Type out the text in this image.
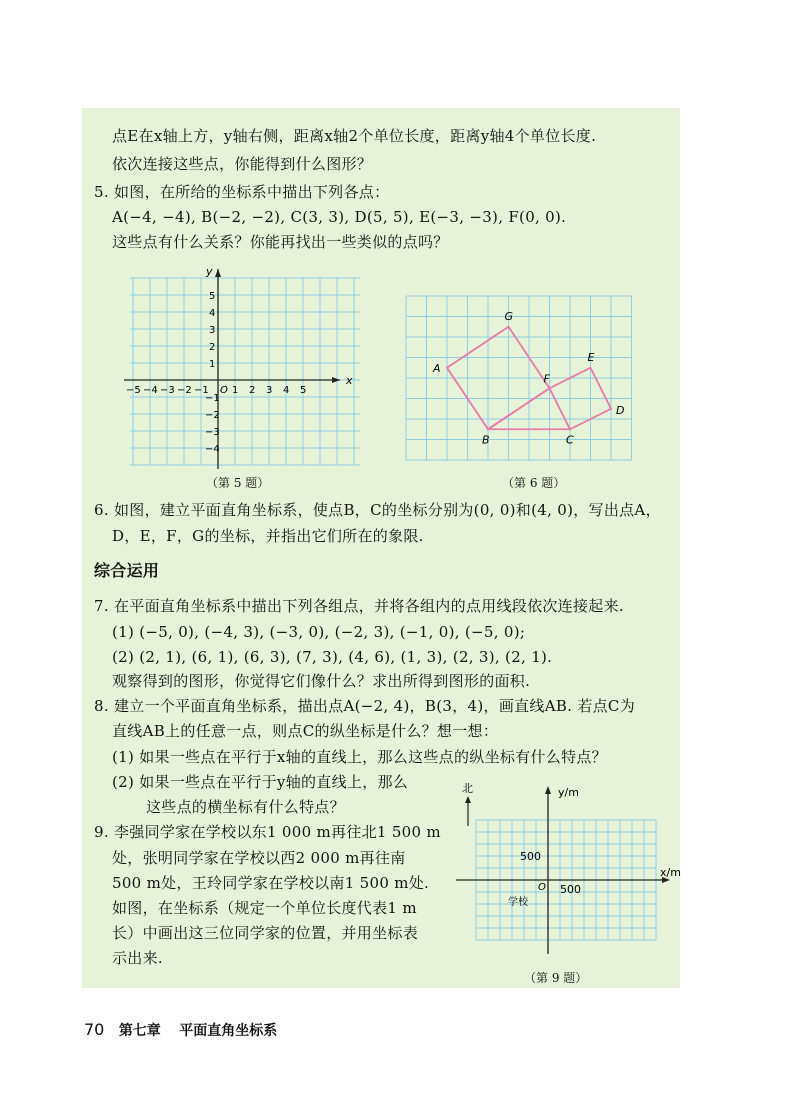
点E在x轴上方，y轴右侧，距离x轴2个单位长度，距离y轴4个单位长度.
依次连接这些点，你能得到什么图形？
5. 如图，在所给的坐标系中描出下列各点：
A(−4, −4), B(−2, −2), C(3, 3), D(5, 5), E(−3, −3), F(0, 0).
这些点有什么关系？你能再找出一些类似的点吗？
x
y
O
−5 −4 −3 −2 −1 1 2 3 4 5
5
4
3
2
1
−1
−2
−3
−4
（第 5 题）
A
G
E
F
D
B	C
（第 6 题）
6. 如图，建立平面直角坐标系，使点B，C的坐标分别为(0, 0)和(4, 0)，写出点A，
D，E，F，G的坐标，并指出它们所在的象限.
综合运用
7. 在平面直角坐标系中描出下列各组点，并将各组内的点用线段依次连接起来.
(1) (−5, 0), (−4, 3), (−3, 0), (−2, 3), (−1, 0), (−5, 0);
(2) (2, 1), (6, 1), (6, 3), (7, 3), (4, 6), (1, 3), (2, 3), (2, 1).
观察得到的图形，你觉得它们像什么？求出所得到图形的面积.
8. 建立一个平面直角坐标系，描出点A(−2, 4)，B(3，4)，画直线AB. 若点C为
直线AB上的任意一点，则点C的纵坐标是什么？想一想：
(1) 如果一些点在平行于x轴的直线上，那么这些点的纵坐标有什么特点？
(2) 如果一些点在平行于y轴的直线上，那么
这些点的横坐标有什么特点？
9. 李强同学家在学校以东1 000 m再往北1 500 m
处，张明同学家在学校以西2 000 m再往南
500 m处，王玲同学家在学校以南1 500 m处.
如图，在坐标系（规定一个单位长度代表1 m
长）中画出这三位同学家的位置，并用坐标表
示出来.
y/m
x/m
500
500
O
学校
北
（第 9 题）
70 第七章 平面直角坐标系
